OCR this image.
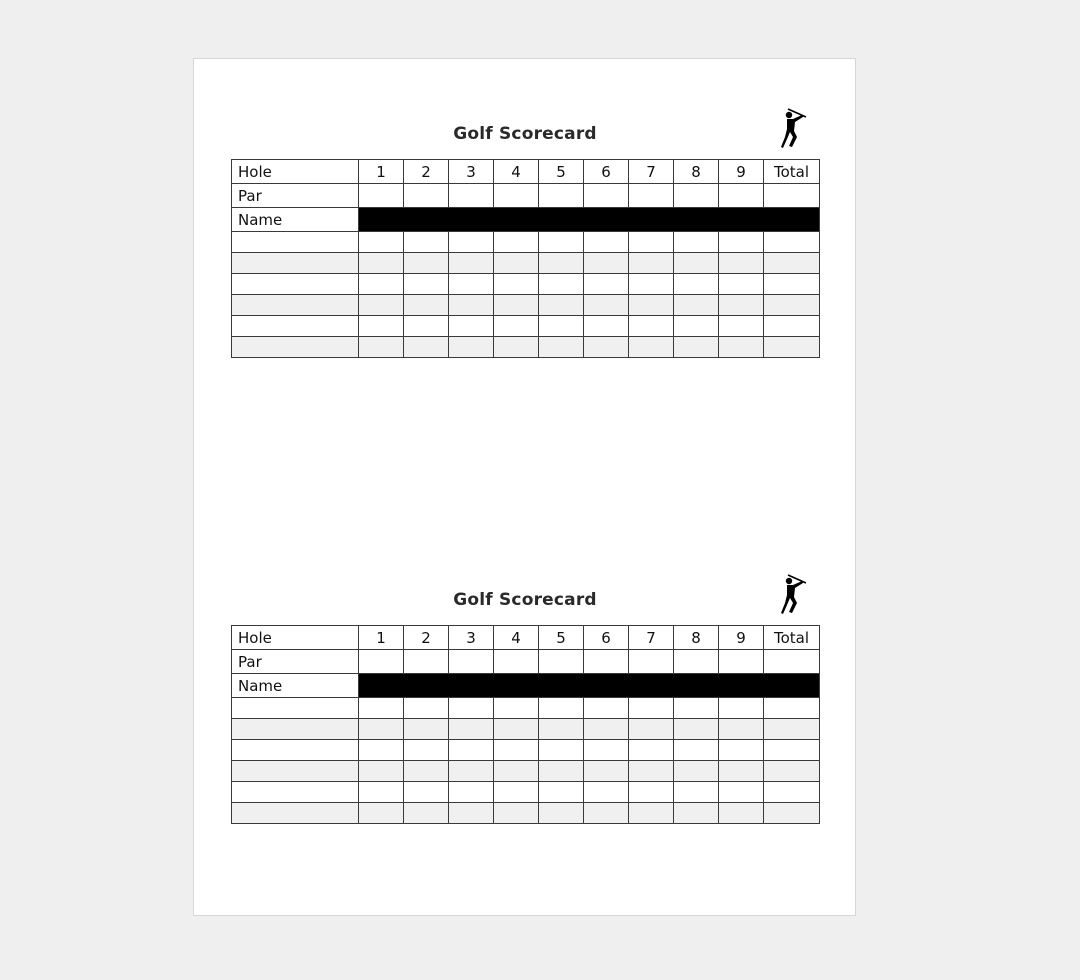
Golf Scorecard
Hole	1	2	3	4	5	6	7	8	9	Total
Par										
Name										

Golf Scorecard
Hole	1	2	3	4	5	6	7	8	9	Total
Par										
Name										
